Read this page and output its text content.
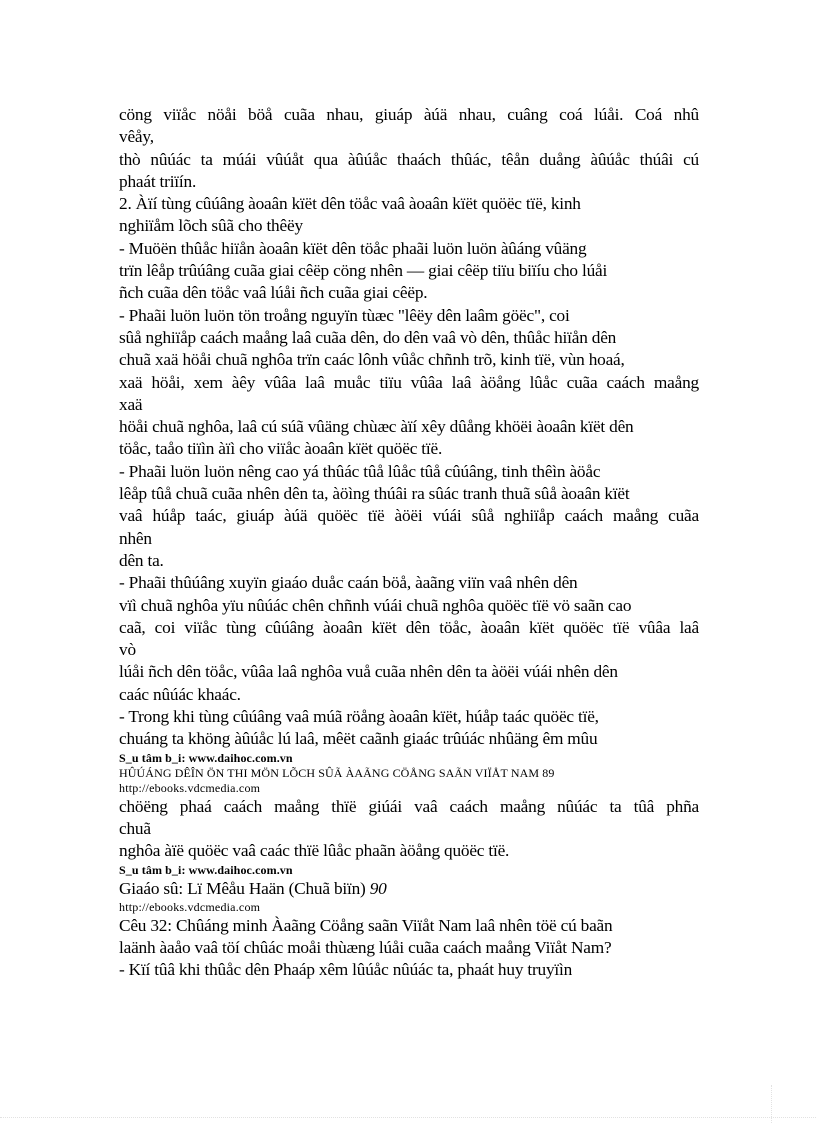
cöng viïåc nöåi böå cuãa nhau, giuáp àúä nhau, cuâng coá lúåi. Coá nhû
vêåy,
thò nûúác ta múái vûúåt qua àûúåc thaách thûác, têån duång àûúåc thúâi cú
phaát triïín.
2. Àïí tùng cûúâng àoaân kïët dên töåc vaâ àoaân kïët quöëc tïë, kinh
nghiïåm lõch sûã cho thêëy
- Muöën thûåc hiïån àoaân kïët dên töåc phaãi luön luön àûáng vûäng
trïn lêåp trûúâng cuãa giai cêëp cöng nhên — giai cêëp tiïu biïíu cho lúåi
ñch cuãa dên töåc vaâ lúåi ñch cuãa giai cêëp.
- Phaãi luön luön tön troång nguyïn tùæc "lêëy dên laâm göëc", coi
sûå nghiïåp caách maång laâ cuãa dên, do dên vaâ vò dên, thûåc hiïån dên
chuã xaä höåi chuã nghôa trïn caác lônh vûåc chñnh trõ, kinh tïë, vùn hoaá,
xaä höåi, xem àêy vûâa laâ muåc tiïu vûâa laâ àöång lûåc cuãa caách maång
xaä
höåi chuã nghôa, laâ cú súã vûäng chùæc àïí xêy dûång khöëi àoaân kïët dên
töåc, taåo tiïìn àïì cho viïåc àoaân kïët quöëc tïë.
- Phaãi luön luön nêng cao yá thûác tûå lûåc tûå cûúâng, tinh thêìn àöåc
lêåp tûå chuã cuãa nhên dên ta, àöìng thúâi ra sûác tranh thuã sûå àoaân kïët
vaâ húåp taác, giuáp àúä quöëc tïë àöëi vúái sûå nghiïåp caách maång cuãa
nhên
dên ta.
- Phaãi thûúâng xuyïn giaáo duåc caán böå, àaãng viïn vaâ nhên dên
vïì chuã nghôa yïu nûúác chên chñnh vúái chuã nghôa quöëc tïë vö saãn cao
caã, coi viïåc tùng cûúâng àoaân kïët dên töåc, àoaân kïët quöëc tïë vûâa laâ
vò
lúåi ñch dên töåc, vûâa laâ nghôa vuå cuãa nhên dên ta àöëi vúái nhên dên
caác nûúác khaác.
- Trong khi tùng cûúâng vaâ múã röång àoaân kïët, húåp taác quöëc tïë,
chuáng ta khöng àûúåc lú laâ, mêët caãnh giaác trûúác nhûäng êm mûu
S_u tâm b_i: www.daihoc.com.vn
HÛÚÁNG DÊÎN ÖN THI MÖN LÕCH SÛÃ ÀAÃNG CÖÅNG SAÃN VIÏÅT NAM 89
http://ebooks.vdcmedia.com
chöëng phaá caách maång thïë giúái vaâ caách maång nûúác ta tûâ phña
chuã
nghôa àïë quöëc vaâ caác thïë lûåc phaãn àöång quöëc tïë.
S_u tâm b_i: www.daihoc.com.vn
Giaáo sû: Lï Mêåu Haän (Chuã biïn) 90
http://ebooks.vdcmedia.com
Cêu 32: Chûáng minh Àaãng Cöång saãn Viïåt Nam laâ nhên töë cú baãn
laänh àaåo vaâ töí chûác moåi thùæng lúåi cuãa caách maång Viïåt Nam?
- Kïí tûâ khi thûåc dên Phaáp xêm lûúåc nûúác ta, phaát huy truyïìn
